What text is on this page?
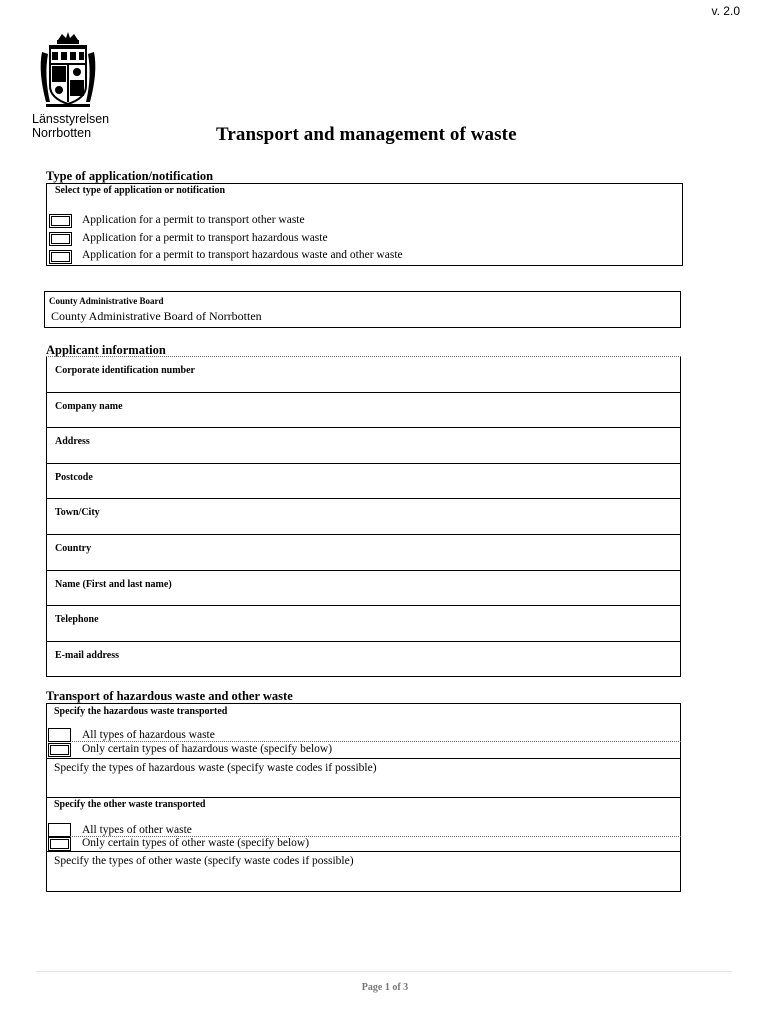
v. 2.0
Länsstyrelsen
Norrbotten	Transport and management of waste
Type of application/notification
Select type of application or notification
Application for a permit to transport other waste
Application for a permit to transport hazardous waste
Application for a permit to transport hazardous waste and other waste
County Administrative Board
County Administrative Board of Norrbotten
Applicant information
Corporate identification number
Company name
Address
Postcode
Town/City
Country
Name (First and last name)
Telephone
E-mail address
Transport of hazardous waste and other waste
Specify the hazardous waste transported
All types of hazardous waste
Only certain types of hazardous waste (specify below)
Specify the types of hazardous waste (specify waste codes if possible)
Specify the other waste transported
All types of other waste
Only certain types of other waste (specify below)
Specify the types of other waste (specify waste codes if possible)
Page 1 of 3
